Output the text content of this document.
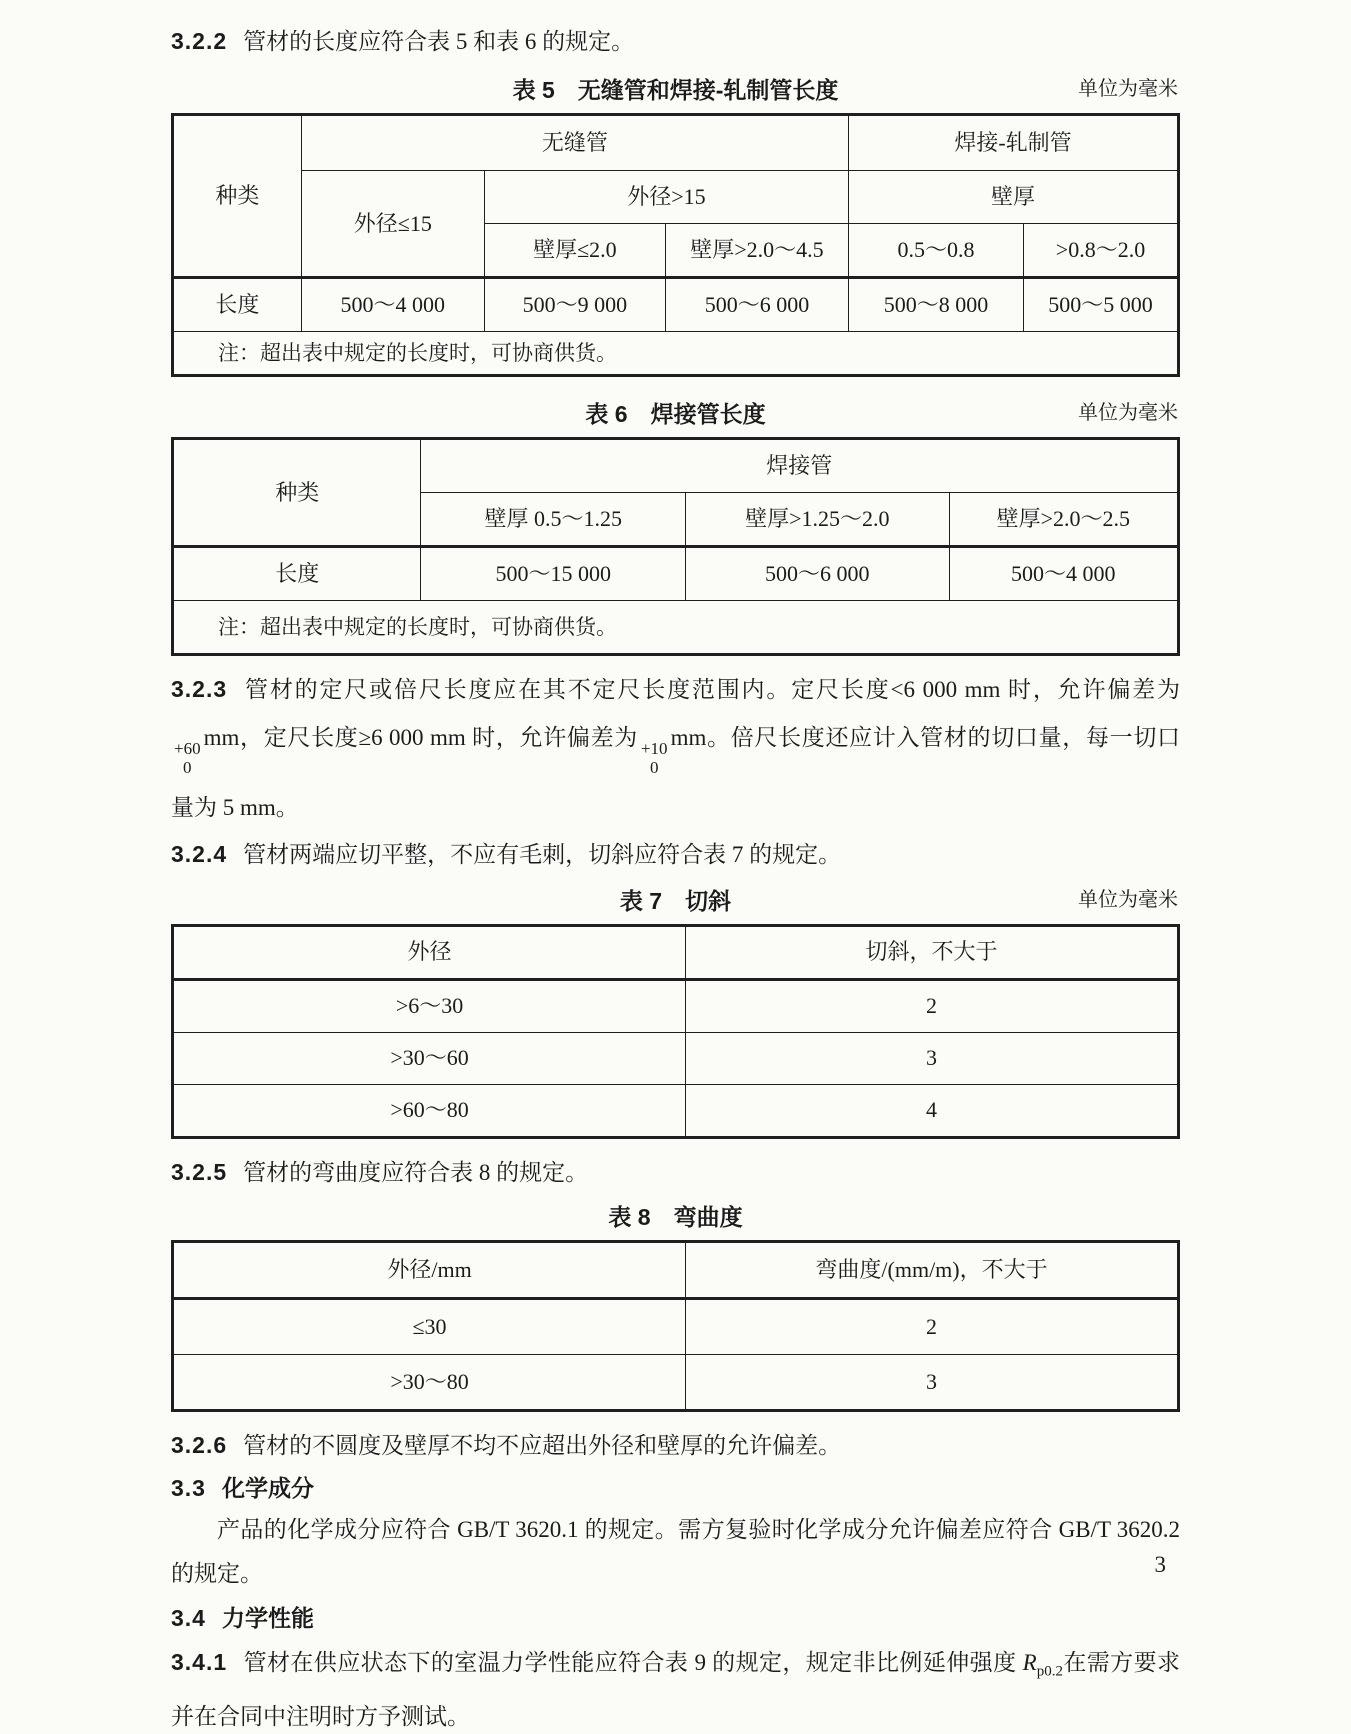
3.2.2 管材的长度应符合表 5 和表 6 的规定。

表 5　无缝管和焊接-轧制管长度	单位为毫米
种类	无缝管			焊接-轧制管	
	外径≤15	外径>15		壁厚	
		壁厚≤2.0	壁厚>2.0～4.5	0.5～0.8	>0.8～2.0
长度	500～4 000	500～9 000	500～6 000	500～8 000	500～5 000
注：超出表中规定的长度时，可协商供货。					
表 6　焊接管长度	单位为毫米
种类	焊接管		
	壁厚 0.5～1.25	壁厚>1.25～2.0	壁厚>2.0～2.5
长度	500～15 000	500～6 000	500～4 000
注：超出表中规定的长度时，可协商供货。			

3.2.3 管材的定尺或倍尺长度应在其不定尺长度范围内。定尺长度<6 000 mm 时，允许偏差为

+60
0
mm，定尺长度≥6 000 mm 时，允许偏差为 +10
0
mm。倍尺长度还应计入管材的切口量，每一切口

量为 5 mm。

3.2.4 管材两端应切平整，不应有毛刺，切斜应符合表 7 的规定。

表 7　切斜	单位为毫米
外径	切斜，不大于
>6～30	2
>30～60	3
>60～80	4

3.2.5 管材的弯曲度应符合表 8 的规定。

表 8　弯曲度
外径/mm	弯曲度/(mm/m)，不大于
≤30	2
>30～80	3

3.2.6 管材的不圆度及壁厚不均不应超出外径和壁厚的允许偏差。

3.3 化学成分

产品的化学成分应符合 GB/T 3620.1 的规定。需方复验时化学成分允许偏差应符合 GB/T 3620.2

的规定。

3.4 力学性能

3.4.1 管材在供应状态下的室温力学性能应符合表 9 的规定，规定非比例延伸强度 $R_{p0.2}$在需方要求

并在合同中注明时方予测试。

3
